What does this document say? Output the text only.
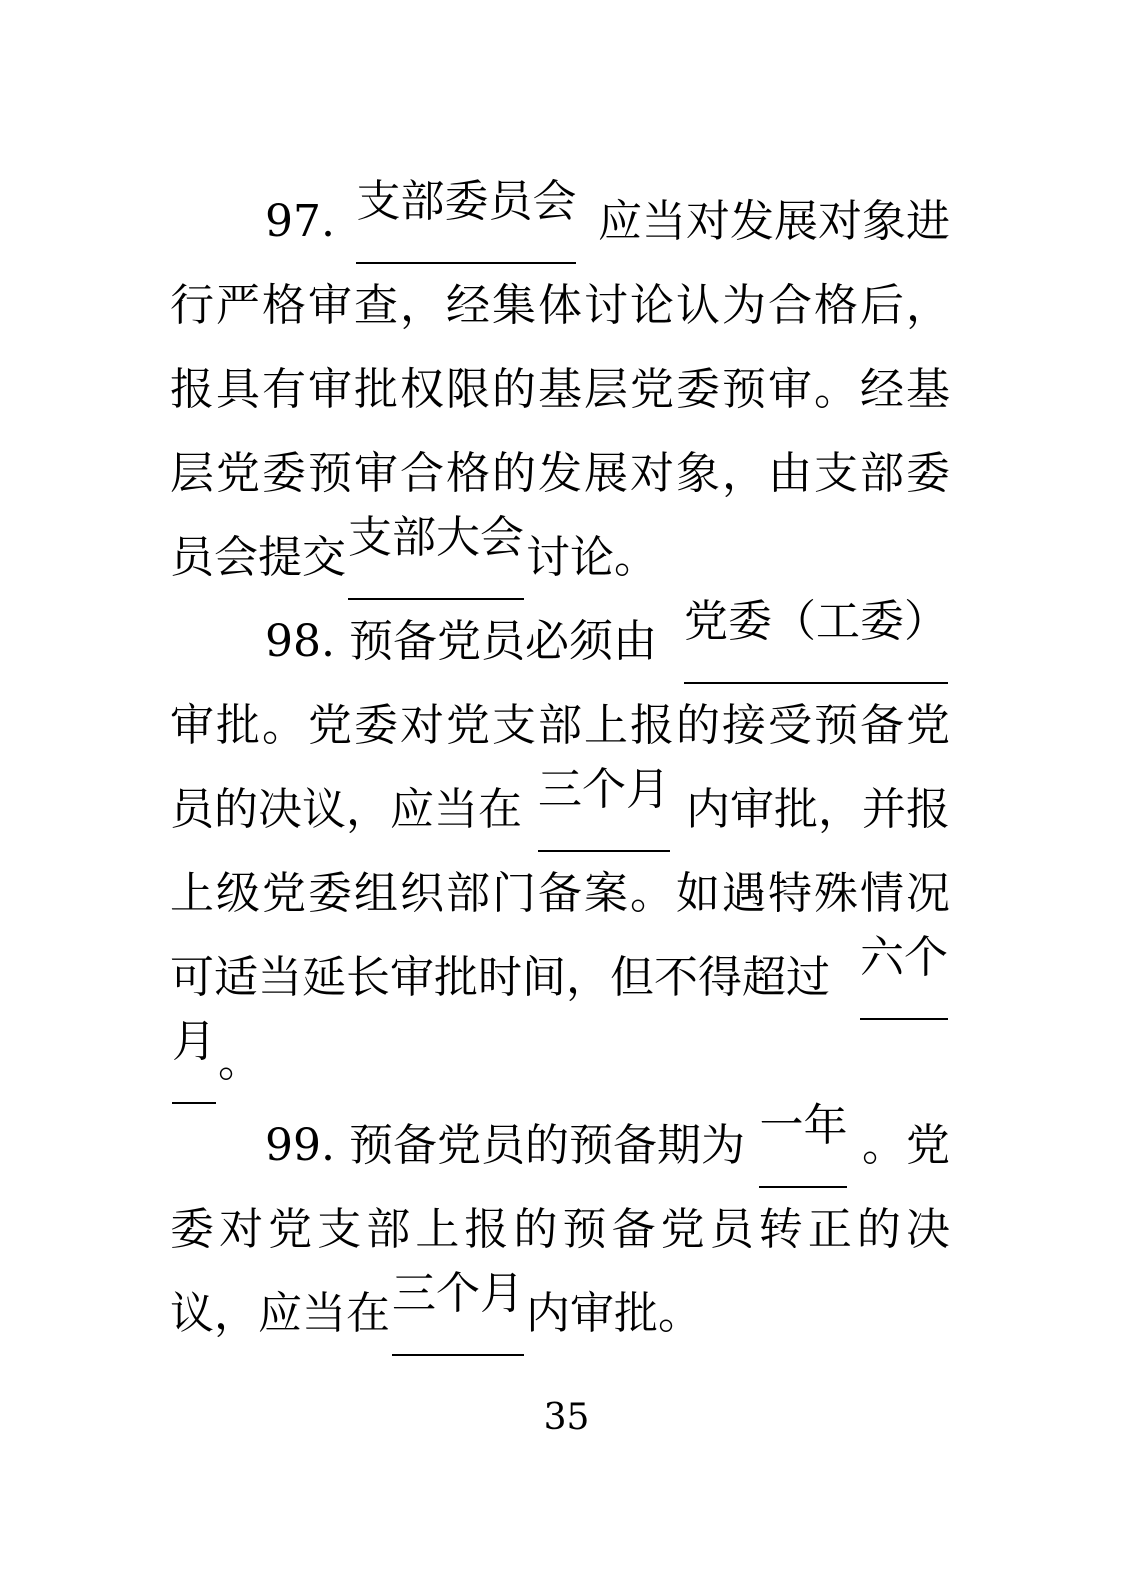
97. 支部委员会 应当对发展对象进
行 严 格 审 查 ， 经 集 体 讨 论 认 为 合 格 后 ，
报 具 有 审 批 权 限 的 基 层 党 委 预 审 。 经 基
层 党 委 预 审 合 格 的 发 展 对 象 ， 由 支 部 委
员会提交 支部大会 讨论。
98. 预备党员必须由 党委（工委）
审 批 。 党 委 对 党 支 部 上 报 的 接 受 预 备 党
员的决议，应当在 三个月 内审批，并报
上 级 党 委 组 织 部 门 备 案 。 如 遇 特 殊 情 况
可适当延长审批时间，但不得超过 六个
月 。
99. 预备党员的预备期为 一年 。党
委 对 党 支 部 上 报 的 预 备 党 员 转 正 的 决
议，应当在 三个月 内审批。
35
